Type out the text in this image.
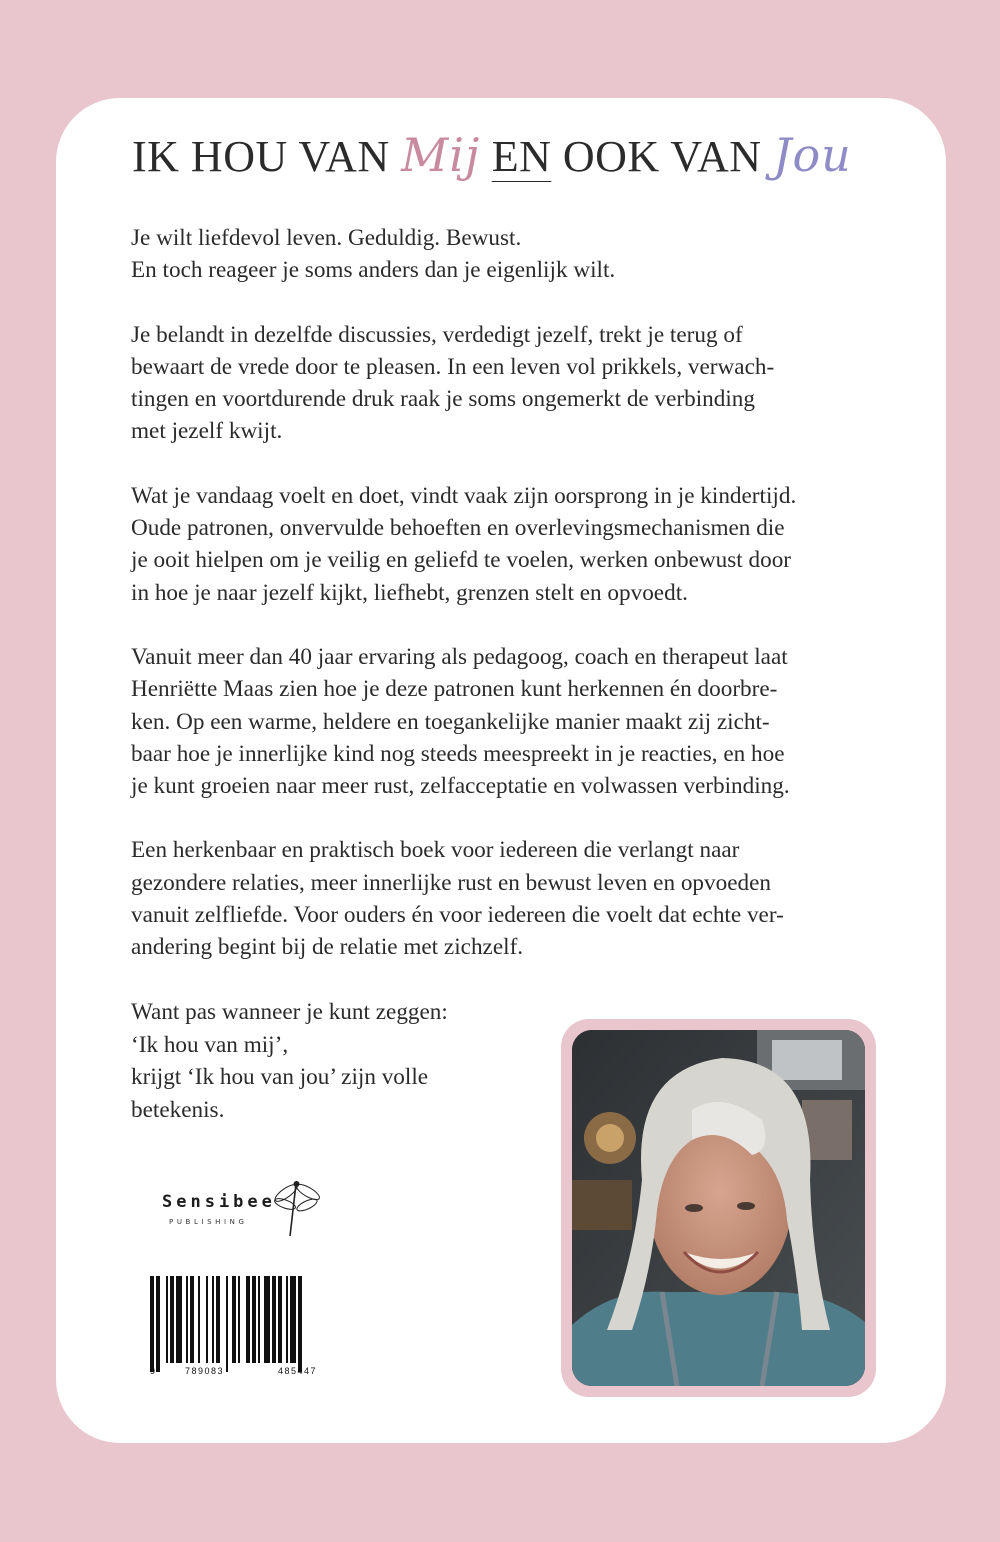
IK HOU VAN Mij EN OOK VAN Jou

Je wilt liefdevol leven. Geduldig. Bewust.
En toch reageer je soms anders dan je eigenlijk wilt.

Je belandt in dezelfde discussies, verdedigt jezelf, trekt je terug of
bewaart de vrede door te pleasen. In een leven vol prikkels, verwach-
tingen en voortdurende druk raak je soms ongemerkt de verbinding
met jezelf kwijt.

Wat je vandaag voelt en doet, vindt vaak zijn oorsprong in je kindertijd.
Oude patronen, onvervulde behoeften en overlevingsmechanismen die
je ooit hielpen om je veilig en geliefd te voelen, werken onbewust door
in hoe je naar jezelf kijkt, liefhebt, grenzen stelt en opvoedt.

Vanuit meer dan 40 jaar ervaring als pedagoog, coach en therapeut laat
Henriëtte Maas zien hoe je deze patronen kunt herkennen én doorbre-
ken. Op een warme, heldere en toegankelijke manier maakt zij zicht-
baar hoe je innerlijke kind nog steeds meespreekt in je reacties, en hoe
je kunt groeien naar meer rust, zelfacceptatie en volwassen verbinding.

Een herkenbaar en praktisch boek voor iedereen die verlangt naar
gezondere relaties, meer innerlijke rust en bewust leven en opvoeden
vanuit zelfliefde. Voor ouders én voor iedereen die voelt dat echte ver-
andering begint bij de relatie met zichzelf.

Want pas wanneer je kunt zeggen:
‘Ik hou van mij’,
krijgt ‘Ik hou van jou’ zijn volle
betekenis.
Sensibee
PUBLISHING
9	789083	485447
